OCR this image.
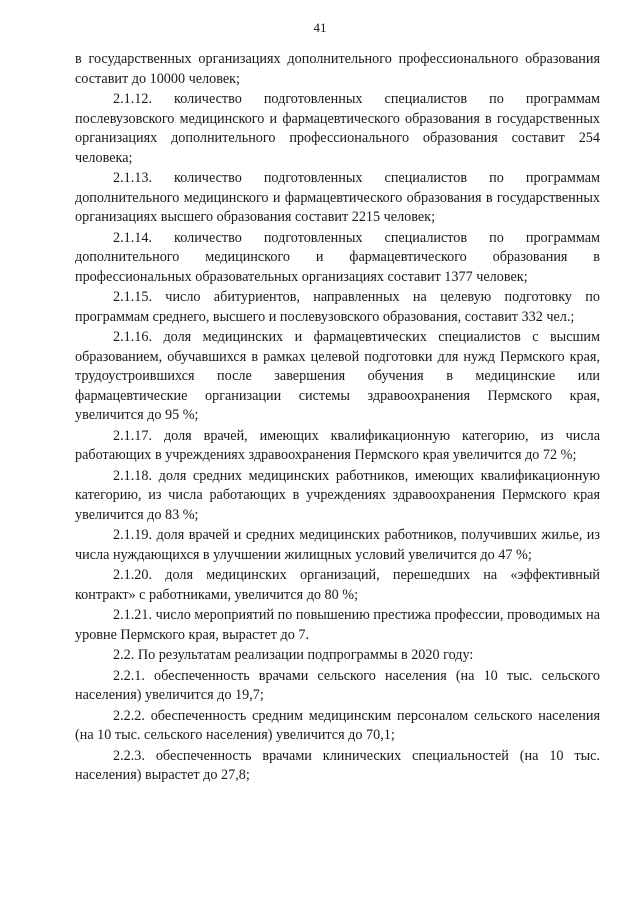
41

в государственных организациях дополнительного профессионального образования составит до 10000 человек;

2.1.12. количество подготовленных специалистов по программам послевузовского медицинского и фармацевтического образования в государственных организациях дополнительного профессионального образования составит 254 человека;

2.1.13. количество подготовленных специалистов по программам дополнительного медицинского и фармацевтического образования в государственных организациях высшего образования составит 2215 человек;

2.1.14. количество подготовленных специалистов по программам дополнительного медицинского и фармацевтического образования в профессиональных образовательных организациях составит 1377 человек;

2.1.15. число абитуриентов, направленных на целевую подготовку по программам среднего, высшего и послевузовского образования, составит 332 чел.;

2.1.16. доля медицинских и фармацевтических специалистов с высшим образованием, обучавшихся в рамках целевой подготовки для нужд Пермского края, трудоустроившихся после завершения обучения в медицинские или фармацевтические организации системы здравоохранения Пермского края, увеличится до 95 %;

2.1.17. доля врачей, имеющих квалификационную категорию, из числа работающих в учреждениях здравоохранения Пермского края увеличится до 72 %;

2.1.18. доля средних медицинских работников, имеющих квалификационную категорию, из числа работающих в учреждениях здравоохранения Пермского края увеличится до 83 %;

2.1.19. доля врачей и средних медицинских работников, получивших жилье, из числа нуждающихся в улучшении жилищных условий увеличится до 47 %;

2.1.20. доля медицинских организаций, перешедших на «эффективный контракт» с работниками, увеличится до 80 %;

2.1.21. число мероприятий по повышению престижа профессии, проводимых на уровне Пермского края, вырастет до 7.

2.2. По результатам реализации подпрограммы в 2020 году:

2.2.1. обеспеченность врачами сельского населения (на 10 тыс. сельского населения) увеличится до 19,7;

2.2.2. обеспеченность средним медицинским персоналом сельского населения (на 10 тыс. сельского населения) увеличится до 70,1;

2.2.3. обеспеченность врачами клинических специальностей (на 10 тыс. населения) вырастет до 27,8;
